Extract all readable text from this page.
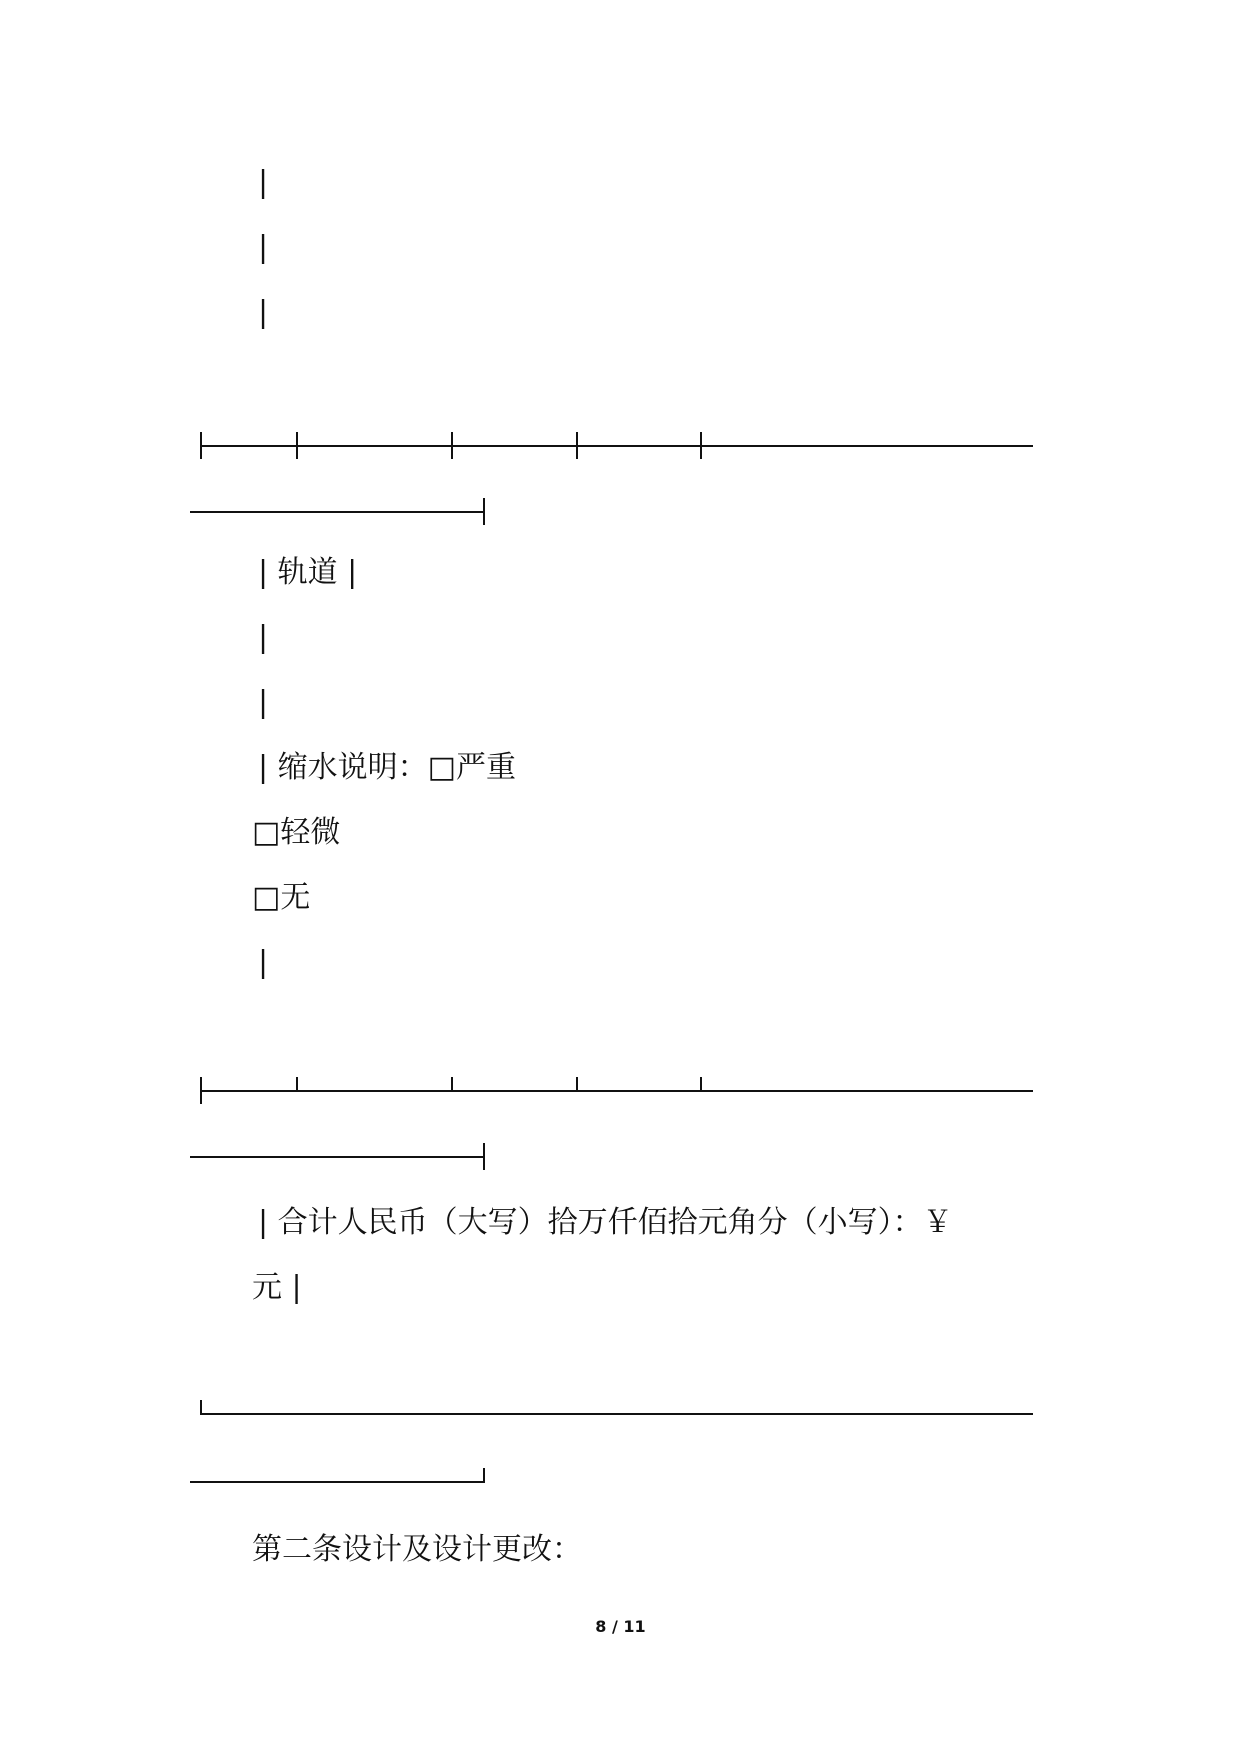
|
|
|
| 轨道 |
|
|
| 缩水说明：□严重
□轻微
□无
|
| 合计人民币（大写）拾万仟佰拾元角分（小写）：￥
元 |
第二条设计及设计更改：
8 / 11
